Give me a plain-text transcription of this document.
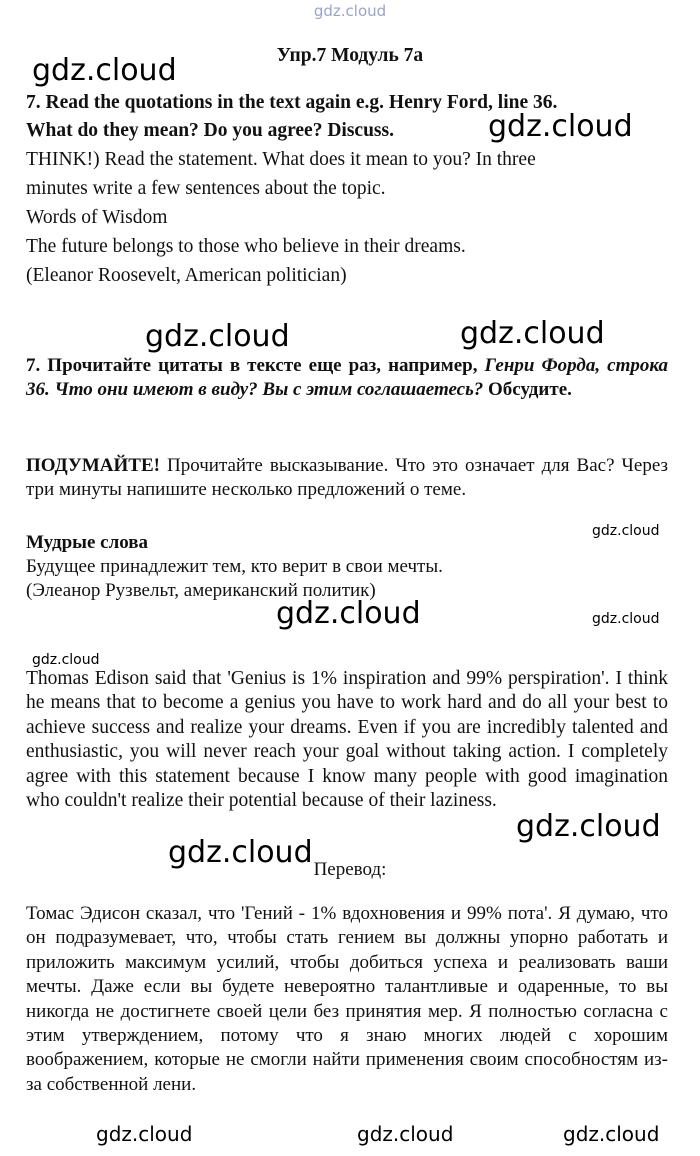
gdz.cloud
Упр.7 Модуль 7а
7. Read the quotations in the text again e.g. Henry Ford, line 36.
What do they mean? Do you agree? Discuss.
THINK!) Read the statement. What does it mean to you? In three
minutes write a few sentences about the topic.
Words of Wisdom
The future belongs to those who believe in their dreams.
(Eleanor Roosevelt, American politician)
7. Прочитайте цитаты в тексте еще раз, например, Генри Форда, строка 36. Что они имеют в виду? Вы с этим соглашаетесь? Обсудите.
ПОДУМАЙТЕ! Прочитайте высказывание. Что это означает для Вас? Через три минуты напишите несколько предложений о теме.
Мудрые слова
Будущее принадлежит тем, кто верит в свои мечты.
(Элеанор Рузвельт, американский политик)
Thomas Edison said that 'Genius is 1% inspiration and 99% perspiration'. I think he means that to become a genius you have to work hard and do all your best to achieve success and realize your dreams. Even if you are incredibly talented and enthusiastic, you will never reach your goal without taking action. I completely agree with this statement because I know many people with good imagination who couldn't realize their potential because of their laziness.
Перевод:
Томас Эдисон сказал, что 'Гений - 1% вдохновения и 99% пота'. Я думаю, что он подразумевает, что, чтобы стать гением вы должны упорно работать и приложить максимум усилий, чтобы добиться успеха и реализовать ваши мечты. Даже если вы будете невероятно талантливые и одаренные, то вы никогда не достигнете своей цели без принятия мер. Я полностью согласна с этим утверждением, потому что я знаю многих людей с хорошим воображением, которые не смогли найти применения своим способностям из-за собственной лени.
gdz.cloud
gdz.cloud
gdz.cloud	gdz.cloud
gdz.cloud
gdz.cloud	gdz.cloud
gdz.cloud
gdz.cloud
gdz.cloud
gdz.cloud	gdz.cloud	gdz.cloud
